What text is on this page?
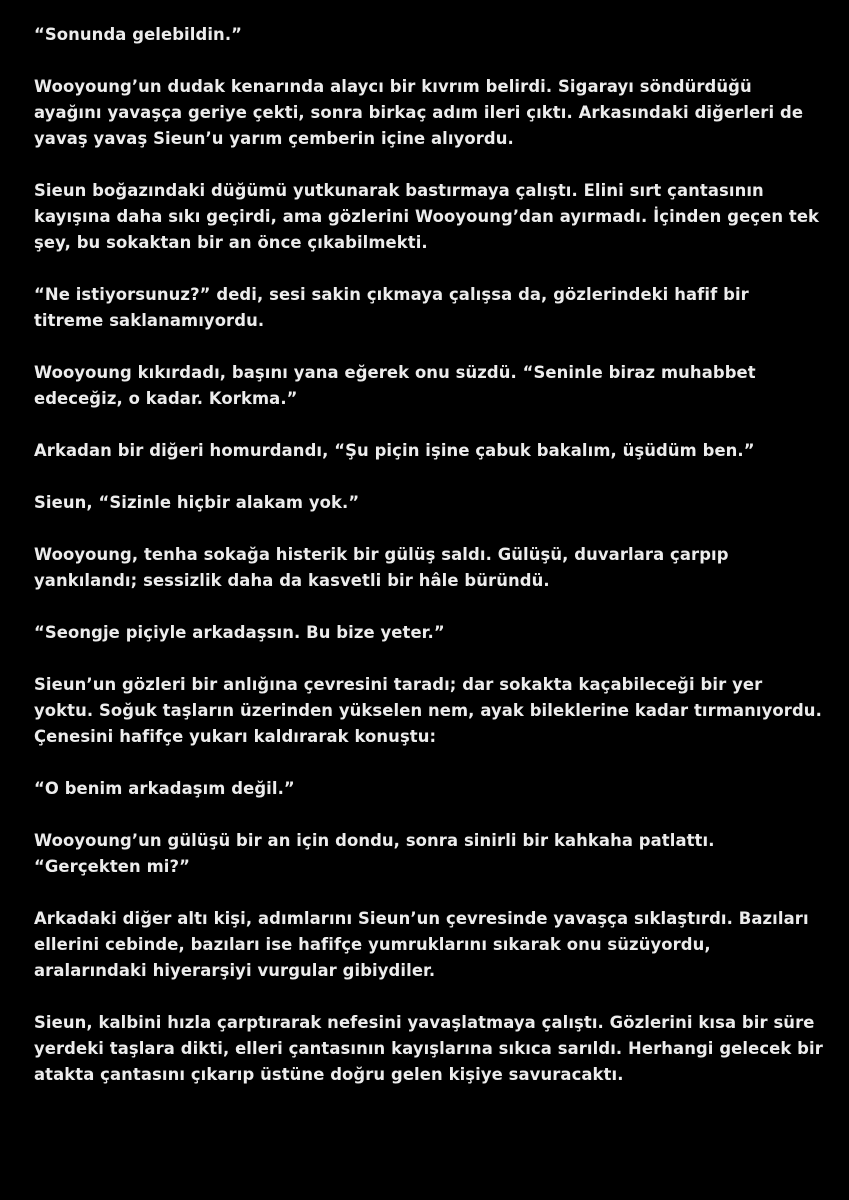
“Sonunda gelebildin.”

Wooyoung’un dudak kenarında alaycı bir kıvrım belirdi. Sigarayı söndürdüğü ayağını yavaşça geriye çekti, sonra birkaç adım ileri çıktı. Arkasındaki diğerleri de yavaş yavaş Sieun’u yarım çemberin içine alıyordu.

Sieun boğazındaki düğümü yutkunarak bastırmaya çalıştı. Elini sırt çantasının kayışına daha sıkı geçirdi, ama gözlerini Wooyoung’dan ayırmadı. İçinden geçen tek şey, bu sokaktan bir an önce çıkabilmekti.

“Ne istiyorsunuz?” dedi, sesi sakin çıkmaya çalışsa da, gözlerindeki hafif bir titreme saklanamıyordu.

Wooyoung kıkırdadı, başını yana eğerek onu süzdü. “Seninle biraz muhabbet edeceğiz, o kadar. Korkma.”

Arkadan bir diğeri homurdandı, “Şu piçin işine çabuk bakalım, üşüdüm ben.”

Sieun, “Sizinle hiçbir alakam yok.”

Wooyoung, tenha sokağa histerik bir gülüş saldı. Gülüşü, duvarlara çarpıp yankılandı; sessizlik daha da kasvetli bir hâle büründü.

“Seongje piçiyle arkadaşsın. Bu bize yeter.”

Sieun’un gözleri bir anlığına çevresini taradı; dar sokakta kaçabileceği bir yer yoktu. Soğuk taşların üzerinden yükselen nem, ayak bileklerine kadar tırmanıyordu. Çenesini hafifçe yukarı kaldırarak konuştu:

“O benim arkadaşım değil.”

Wooyoung’un gülüşü bir an için dondu, sonra sinirli bir kahkaha patlattı. “Gerçekten mi?”

Arkadaki diğer altı kişi, adımlarını Sieun’un çevresinde yavaşça sıklaştırdı. Bazıları ellerini cebinde, bazıları ise hafifçe yumruklarını sıkarak onu süzüyordu, aralarındaki hiyerarşiyi vurgular gibiydiler.

Sieun, kalbini hızla çarptırarak nefesini yavaşlatmaya çalıştı. Gözlerini kısa bir süre yerdeki taşlara dikti, elleri çantasının kayışlarına sıkıca sarıldı. Herhangi gelecek bir atakta çantasını çıkarıp üstüne doğru gelen kişiye savuracaktı.
